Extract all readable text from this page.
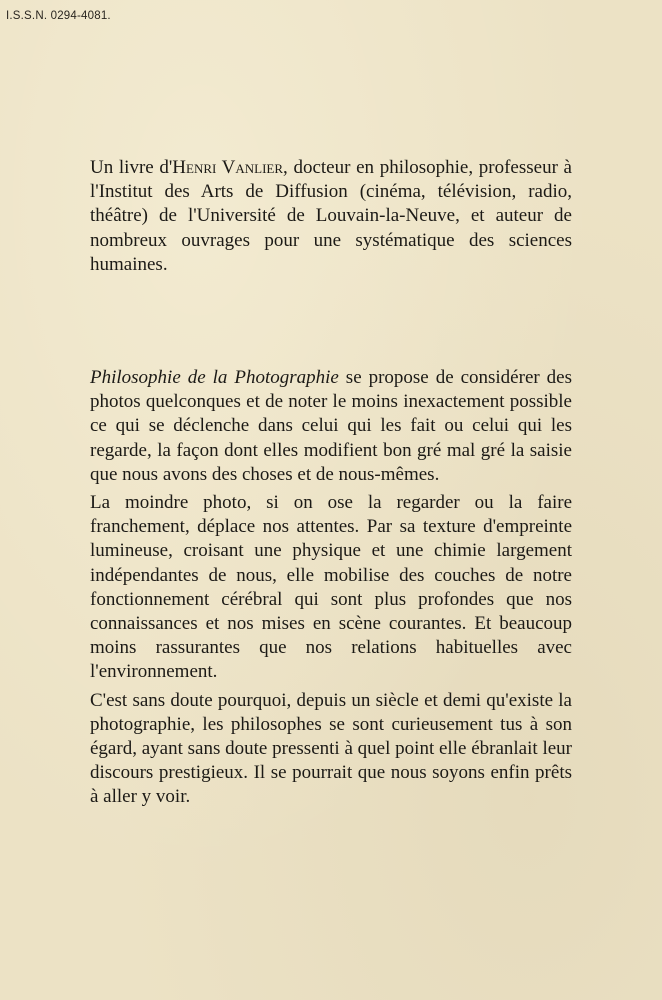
I.S.S.N. 0294-4081.

Un livre d'Henri Vanlier, docteur en philosophie, professeur à l'Institut des Arts de Diffusion (cinéma, télévision, radio, théâtre) de l'Université de Louvain-la-Neuve, et auteur de nombreux ouvrages pour une systématique des sciences humaines.

Philosophie de la Photographie se propose de considérer des photos quelconques et de noter le moins inexactement possible ce qui se déclenche dans celui qui les fait ou celui qui les regarde, la façon dont elles modifient bon gré mal gré la saisie que nous avons des choses et de nous-mêmes.

La moindre photo, si on ose la regarder ou la faire franchement, déplace nos attentes. Par sa texture d'empreinte lumineuse, croisant une physique et une chimie largement indépendantes de nous, elle mobilise des couches de notre fonctionnement cérébral qui sont plus profondes que nos connaissances et nos mises en scène courantes. Et beaucoup moins rassurantes que nos relations habituelles avec l'environnement.

C'est sans doute pourquoi, depuis un siècle et demi qu'existe la photographie, les philosophes se sont curieusement tus à son égard, ayant sans doute pressenti à quel point elle ébranlait leur discours prestigieux. Il se pourrait que nous soyons enfin prêts à aller y voir.
